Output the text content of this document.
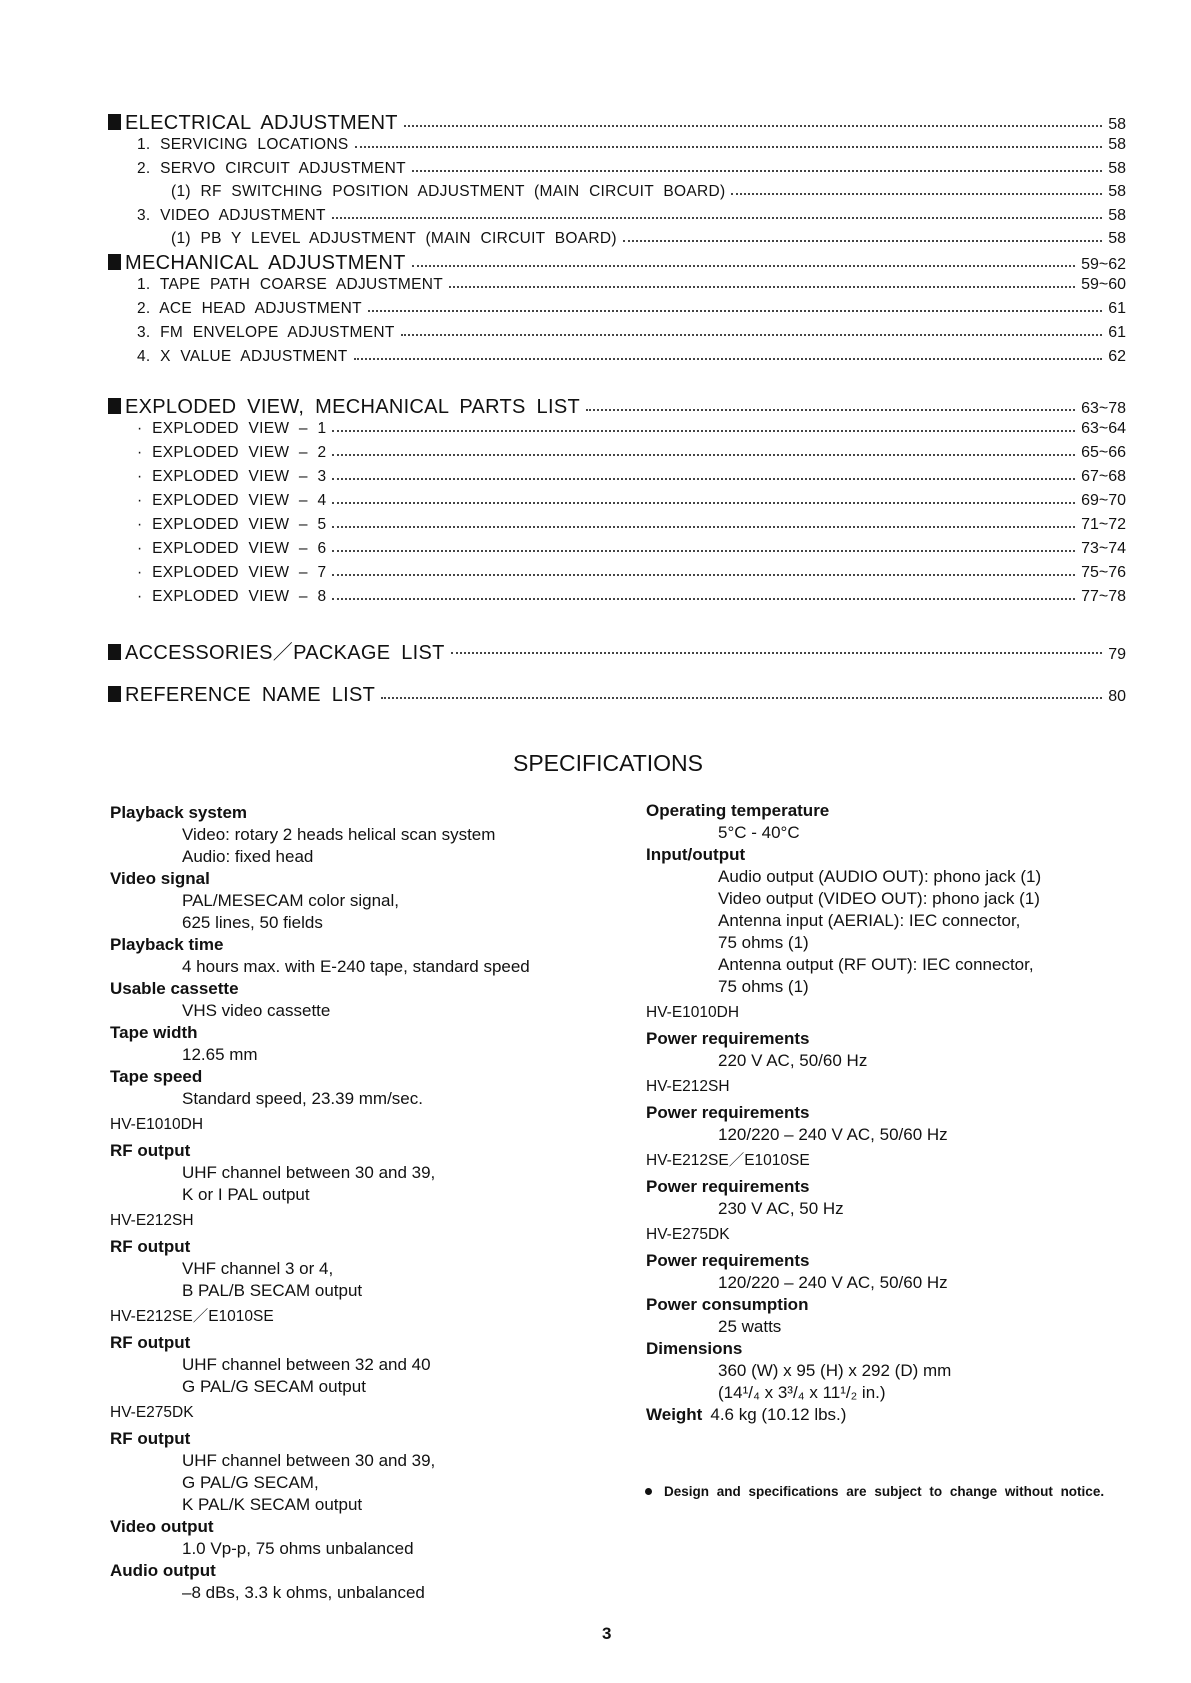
ELECTRICAL ADJUSTMENT	58
1. SERVICING LOCATIONS	58
2. SERVO CIRCUIT ADJUSTMENT	58
(1) RF SWITCHING POSITION ADJUSTMENT (MAIN CIRCUIT BOARD)	58
3. VIDEO ADJUSTMENT	58
(1) PB Y LEVEL ADJUSTMENT (MAIN CIRCUIT BOARD)	58
MECHANICAL ADJUSTMENT	59~62
1. TAPE PATH COARSE ADJUSTMENT	59~60
2. ACE HEAD ADJUSTMENT	61
3. FM ENVELOPE ADJUSTMENT	61
4. X VALUE ADJUSTMENT	62
EXPLODED VIEW, MECHANICAL PARTS LIST	63~78
· EXPLODED VIEW – 1	63~64
· EXPLODED VIEW – 2	65~66
· EXPLODED VIEW – 3	67~68
· EXPLODED VIEW – 4	69~70
· EXPLODED VIEW – 5	71~72
· EXPLODED VIEW – 6	73~74
· EXPLODED VIEW – 7	75~76
· EXPLODED VIEW – 8	77~78
ACCESSORIES／PACKAGE LIST	79
REFERENCE NAME LIST	80
SPECIFICATIONS
Playback system
Video: rotary 2 heads helical scan system
Audio: fixed head
Video signal
PAL/MESECAM color signal,
625 lines, 50 fields
Playback time
4 hours max. with E-240 tape, standard speed
Usable cassette
VHS video cassette
Tape width
12.65 mm
Tape speed
Standard speed, 23.39 mm/sec.
HV-E1010DH
RF output
UHF channel between 30 and 39,
K or I PAL output
HV-E212SH
RF output
VHF channel 3 or 4,
B PAL/B SECAM output
HV-E212SE／E1010SE
RF output
UHF channel between 32 and 40
G PAL/G SECAM output
HV-E275DK
RF output
UHF channel between 30 and 39,
G PAL/G SECAM,
K PAL/K SECAM output
Video output
1.0 Vp-p, 75 ohms unbalanced
Audio output
–8 dBs, 3.3 k ohms, unbalanced
Operating temperature
5°C - 40°C
Input/output
Audio output (AUDIO OUT): phono jack (1)
Video output (VIDEO OUT): phono jack (1)
Antenna input (AERIAL): IEC connector,
75 ohms (1)
Antenna output (RF OUT): IEC connector,
75 ohms (1)
HV-E1010DH
Power requirements
220 V AC, 50/60 Hz
HV-E212SH
Power requirements
120/220 – 240 V AC, 50/60 Hz
HV-E212SE／E1010SE
Power requirements
230 V AC, 50 Hz
HV-E275DK
Power requirements
120/220 – 240 V AC, 50/60 Hz
Power consumption
25 watts
Dimensions
360 (W) x 95 (H) x 292 (D) mm
(14¹/₄ x 3³/₄ x 11¹/₂ in.)
Weight 4.6 kg (10.12 lbs.)
Design and specifications are subject to change without notice.
3
